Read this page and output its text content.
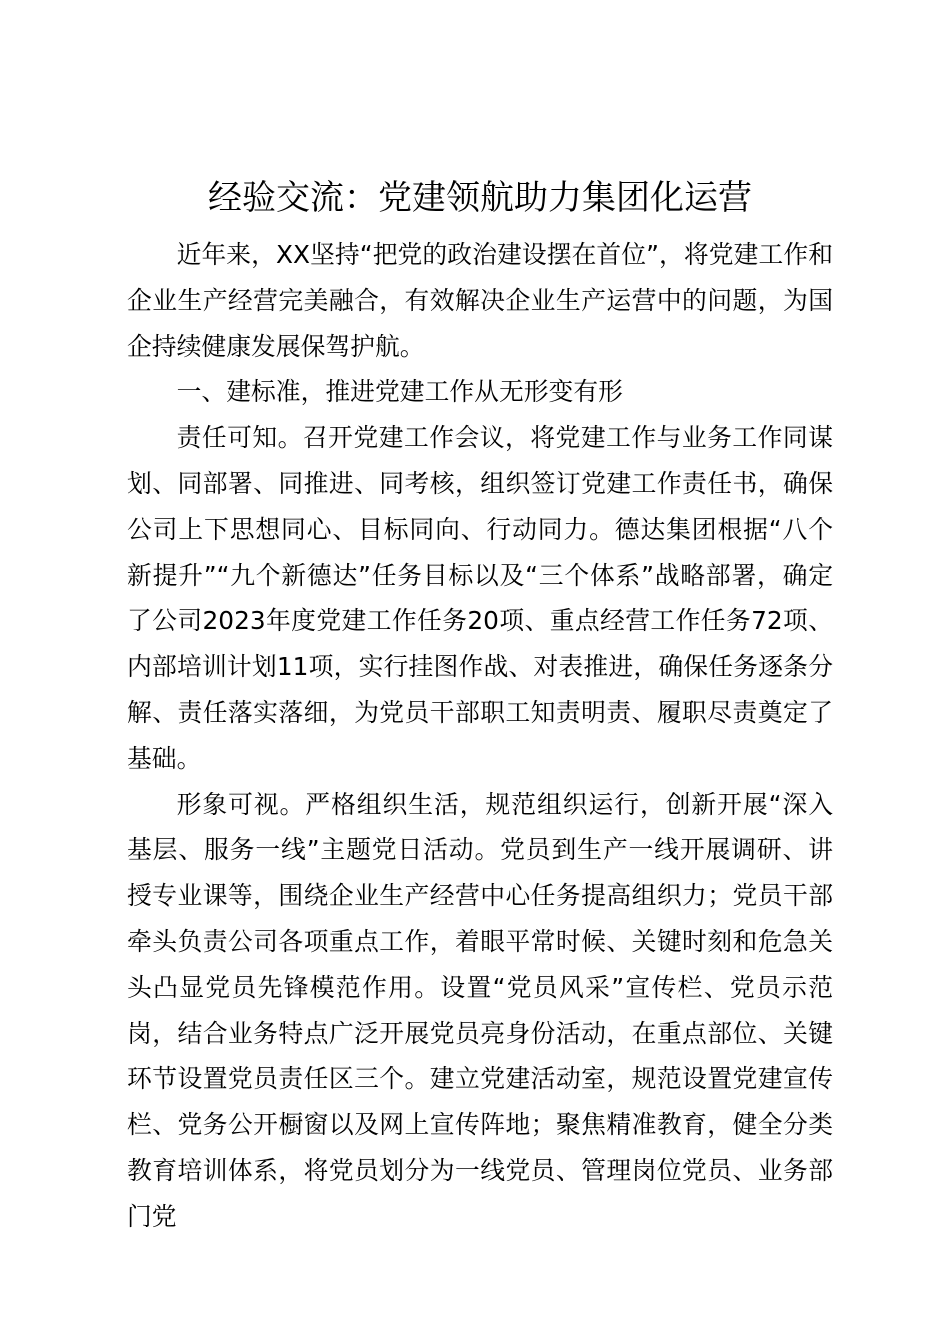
经验交流：党建领航助力集团化运营

近年来，XX坚持“把党的政治建设摆在首位”，将党建工作和企业生产经营完美融合，有效解决企业生产运营中的问题，为国企持续健康发展保驾护航。

一、建标准，推进党建工作从无形变有形

责任可知。召开党建工作会议，将党建工作与业务工作同谋划、同部署、同推进、同考核，组织签订党建工作责任书，确保公司上下思想同心、目标同向、行动同力。德达集团根据“八个新提升”“九个新德达”任务目标以及“三个体系”战略部署，确定了公司2023年度党建工作任务20项、重点经营工作任务72项、内部培训计划11项，实行挂图作战、对表推进，确保任务逐条分解、责任落实落细，为党员干部职工知责明责、履职尽责奠定了基础。

形象可视。严格组织生活，规范组织运行，创新开展“深入基层、服务一线”主题党日活动。党员到生产一线开展调研、讲授专业课等，围绕企业生产经营中心任务提高组织力；党员干部牵头负责公司各项重点工作，着眼平常时候、关键时刻和危急关头凸显党员先锋模范作用。设置“党员风采”宣传栏、党员示范岗，结合业务特点广泛开展党员亮身份活动，在重点部位、关键环节设置党员责任区三个。建立党建活动室，规范设置党建宣传栏、党务公开橱窗以及网上宣传阵地；聚焦精准教育，健全分类教育培训体系，将党员划分为一线党员、管理岗位党员、业务部门党
